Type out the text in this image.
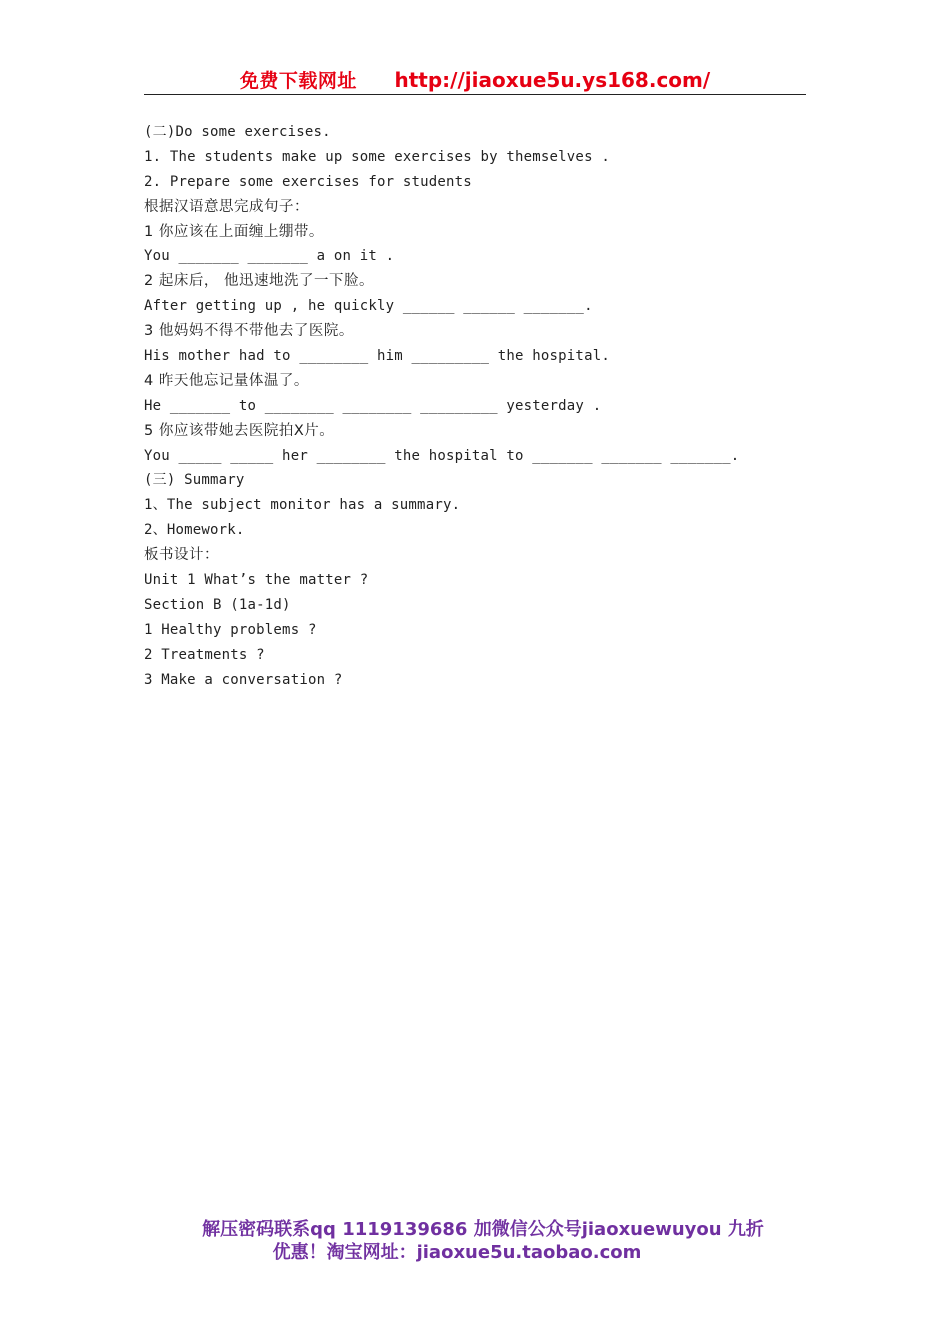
免费下载网址 http://jiaoxue5u.ys168.com/
(二)Do some exercises.
1. The students make up some exercises by themselves .
2. Prepare some exercises for students
根据汉语意思完成句子：
1 你应该在上面缠上绷带。
You _______ _______ a on it .
2 起床后， 他迅速地洗了一下脸。
After getting up , he quickly ______ ______ _______.
3 他妈妈不得不带他去了医院。
His mother had to ________ him _________ the hospital.
4 昨天他忘记量体温了。
He _______ to ________ ________ _________ yesterday .
5 你应该带她去医院拍X片。
You _____ _____ her ________ the hospital to _______ _______ _______.
(三) Summary
1、The subject monitor has a summary.
2、Homework.
板书设计：
Unit 1 What’s the matter ?
Section B (1a-1d)
1 Healthy problems ?
2 Treatments ?
3 Make a conversation ?
解压密码联系qq 1119139686 加微信公众号jiaoxuewuyou 九折
优惠！淘宝网址：jiaoxue5u.taobao.com
